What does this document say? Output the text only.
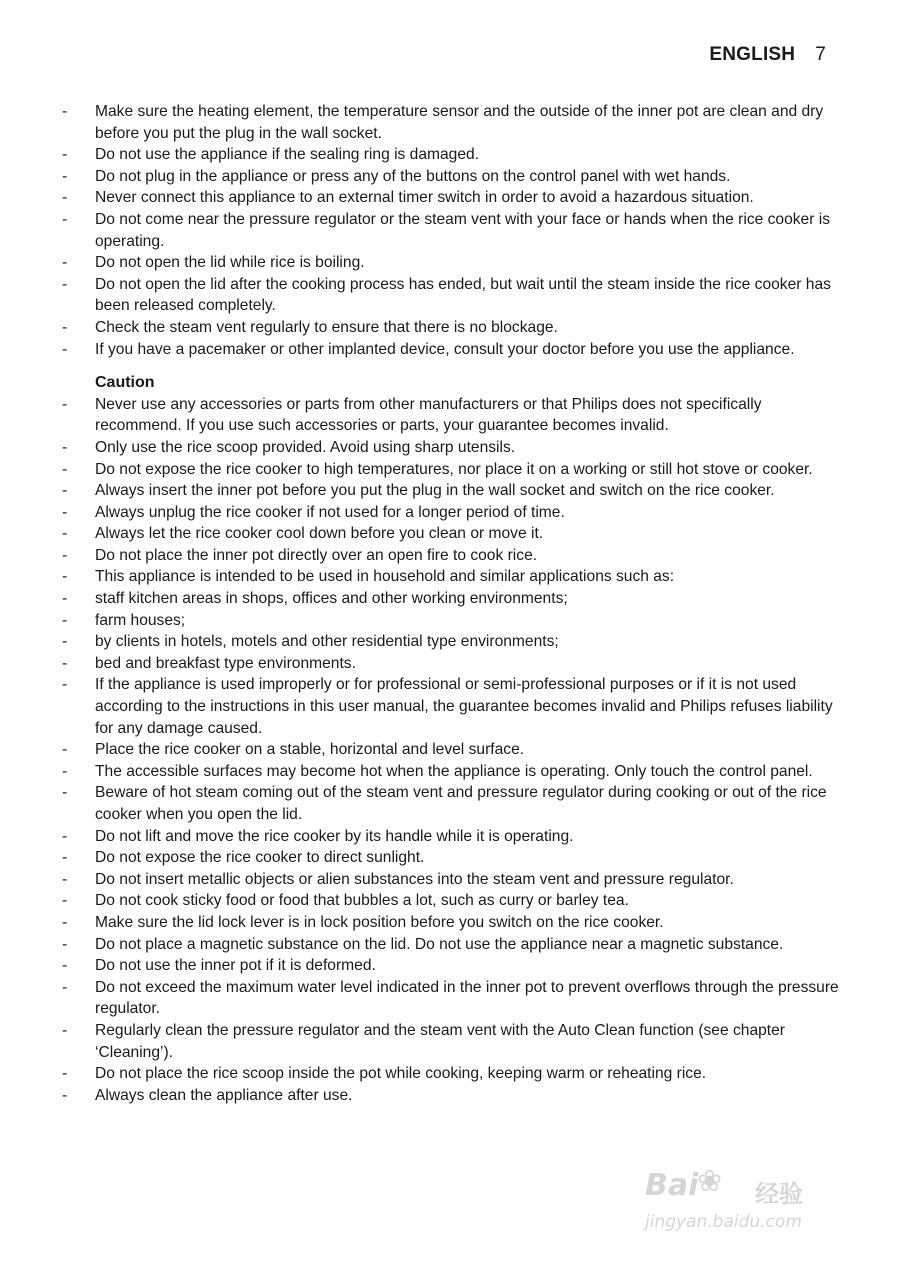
ENGLISH 7
-	Make sure the heating element, the temperature sensor and the outside of the inner pot are clean and dry before you put the plug in the wall socket.
-	Do not use the appliance if the sealing ring is damaged.
-	Do not plug in the appliance or press any of the buttons on the control panel with wet hands.
-	Never connect this appliance to an external timer switch in order to avoid a hazardous situation.
-	Do not come near the pressure regulator or the steam vent with your face or hands when the rice cooker is operating.
-	Do not open the lid while rice is boiling.
-	Do not open the lid after the cooking process has ended, but wait until the steam inside the rice cooker has been released completely.
-	Check the steam vent regularly to ensure that there is no blockage.
-	If you have a pacemaker or other implanted device, consult your doctor before you use the appliance.
Caution
-	Never use any accessories or parts from other manufacturers or that Philips does not specifically recommend. If you use such accessories or parts, your guarantee becomes invalid.
-	Only use the rice scoop provided. Avoid using sharp utensils.
-	Do not expose the rice cooker to high temperatures, nor place it on a working or still hot stove or cooker.
-	Always insert the inner pot before you put the plug in the wall socket and switch on the rice cooker.
-	Always unplug the rice cooker if not used for a longer period of time.
-	Always let the rice cooker cool down before you clean or move it.
-	Do not place the inner pot directly over an open fire to cook rice.
-	This appliance is intended to be used in household and similar applications such as:
-	staff kitchen areas in shops, offices and other working environments;
-	farm houses;
-	by clients in hotels, motels and other residential type environments;
-	bed and breakfast type environments.
-	If the appliance is used improperly or for professional or semi-professional purposes or if it is not used according to the instructions in this user manual, the guarantee becomes invalid and Philips refuses liability for any damage caused.
-	Place the rice cooker on a stable, horizontal and level surface.
-	The accessible surfaces may become hot when the appliance is operating. Only touch the control panel.
-	Beware of hot steam coming out of the steam vent and pressure regulator during cooking or out of the rice cooker when you open the lid.
-	Do not lift and move the rice cooker by its handle while it is operating.
-	Do not expose the rice cooker to direct sunlight.
-	Do not insert metallic objects or alien substances into the steam vent and pressure regulator.
-	Do not cook sticky food or food that bubbles a lot, such as curry or barley tea.
-	Make sure the lid lock lever is in lock position before you switch on the rice cooker.
-	Do not place a magnetic substance on the lid. Do not use the appliance near a magnetic substance.
-	Do not use the inner pot if it is deformed.
-	Do not exceed the maximum water level indicated in the inner pot to prevent overflows through the pressure regulator.
-	Regularly clean the pressure regulator and the steam vent with the Auto Clean function (see chapter ‘Cleaning’).
-	Do not place the rice scoop inside the pot while cooking, keeping warm or reheating rice.
-	Always clean the appliance after use.
Bai
❀ 经验
jingyan.baidu.com
